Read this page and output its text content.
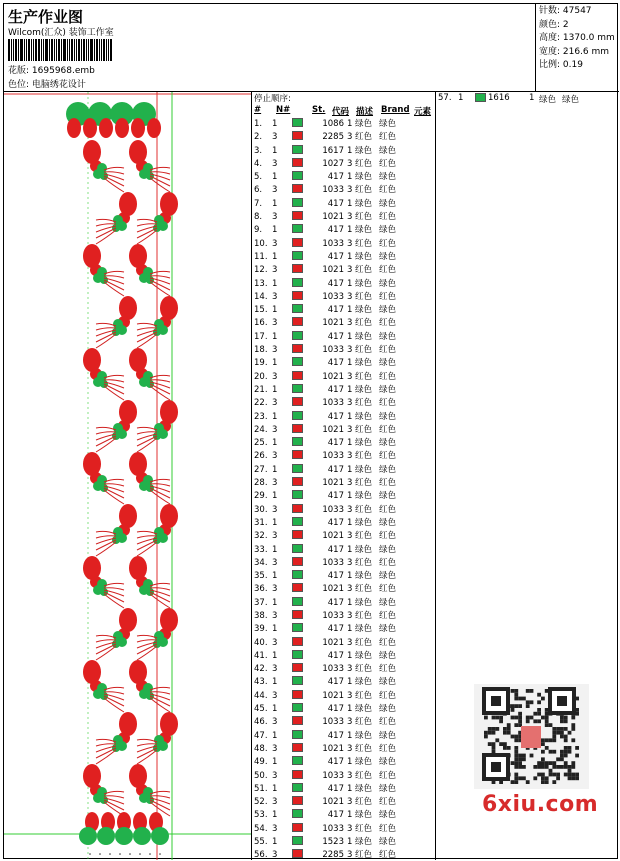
生产作业图
Wilcom(汇众) 装饰工作室
花版: 1695968.emb
色位: 电脑绣花设计
针数: 47547
颜色: 2
高度: 1370.0 mm
宽度: 216.6 mm
比例: 0.19
停止顺序:
# N#	St. 代码 描述 Brand 元素
1. 1	1086 1 绿色 绿色
2. 3	2285 3 红色 红色
3. 1	1617 1 绿色 绿色
4. 3	1027 3 红色 红色
5. 1	417 1 绿色 绿色
6. 3	1033 3 红色 红色
7. 1	417 1 绿色 绿色
8. 3	1021 3 红色 红色
9. 1	417 1 绿色 绿色
10. 3	1033 3 红色 红色
11. 1	417 1 绿色 绿色
12. 3	1021 3 红色 红色
13. 1	417 1 绿色 绿色
14. 3	1033 3 红色 红色
15. 1	417 1 绿色 绿色
16. 3	1021 3 红色 红色
17. 1	417 1 绿色 绿色
18. 3	1033 3 红色 红色
19. 1	417 1 绿色 绿色
20. 3	1021 3 红色 红色
21. 1	417 1 绿色 绿色
22. 3	1033 3 红色 红色
23. 1	417 1 绿色 绿色
24. 3	1021 3 红色 红色
25. 1	417 1 绿色 绿色
26. 3	1033 3 红色 红色
27. 1	417 1 绿色 绿色
28. 3	1021 3 红色 红色
29. 1	417 1 绿色 绿色
30. 3	1033 3 红色 红色
31. 1	417 1 绿色 绿色
32. 3	1021 3 红色 红色
33. 1	417 1 绿色 绿色
34. 3	1033 3 红色 红色
35. 1	417 1 绿色 绿色
36. 3	1021 3 红色 红色
37. 1	417 1 绿色 绿色
38. 3	1033 3 红色 红色
39. 1	417 1 绿色 绿色
40. 3	1021 3 红色 红色
41. 1	417 1 绿色 绿色
42. 3	1033 3 红色 红色
43. 1	417 1 绿色 绿色
44. 3	1021 3 红色 红色
45. 1	417 1 绿色 绿色
46. 3	1033 3 红色 红色
47. 1	417 1 绿色 绿色
48. 3	1021 3 红色 红色
49. 1	417 1 绿色 绿色
50. 3	1033 3 红色 红色
51. 1	417 1 绿色 绿色
52. 3	1021 3 红色 红色
53. 1	417 1 绿色 绿色
54. 3	1033 3 红色 红色
55. 1	1523 1 绿色 绿色
56. 3	2285 3 红色 红色
57. 1	1616 1 绿色 绿色
6xiu.com
